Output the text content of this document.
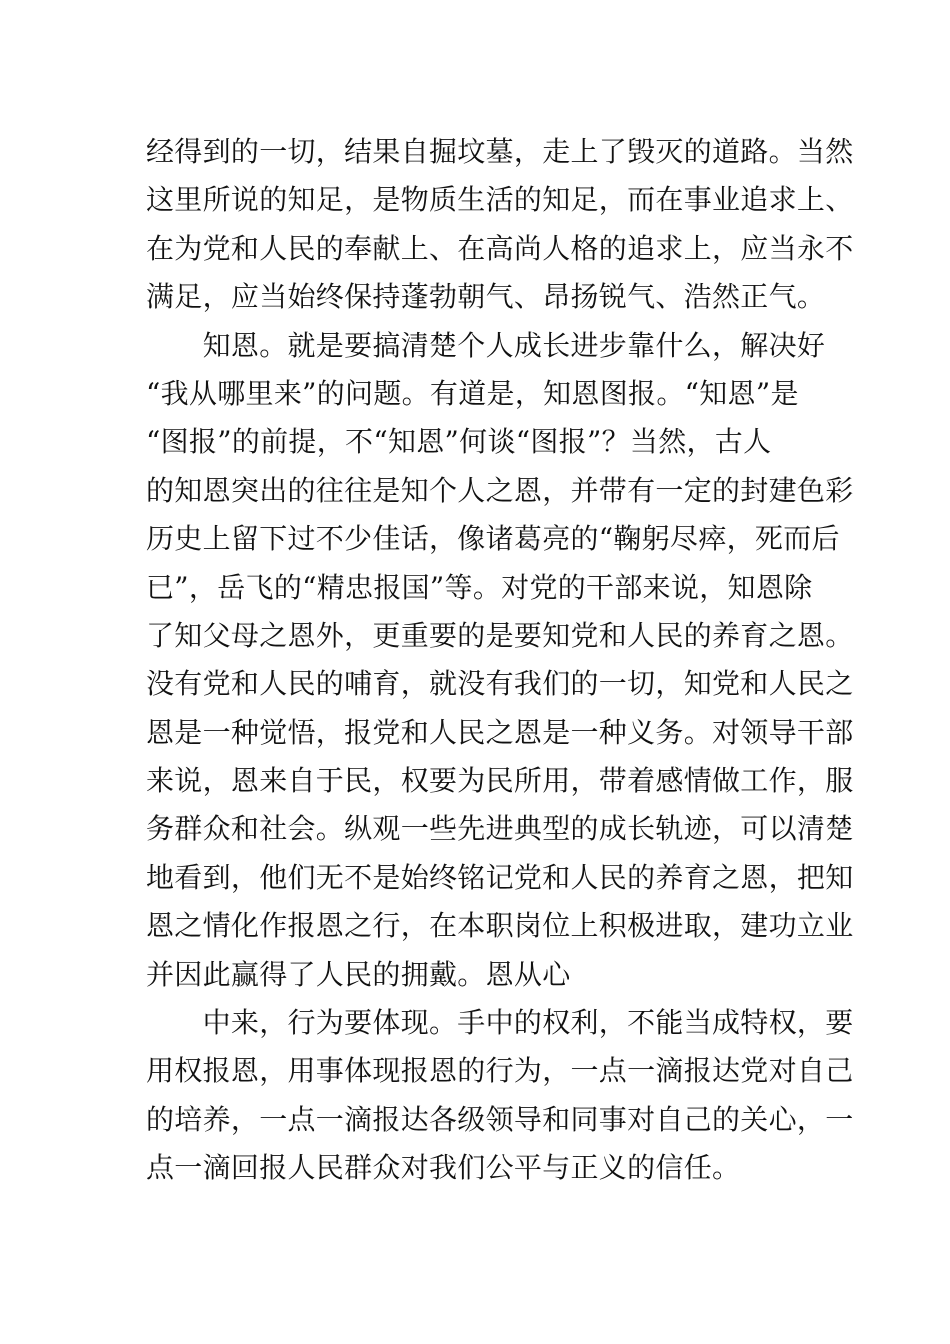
经得到的一切，结果自掘坟墓，走上了毁灭的道路。当然
这里所说的知足，是物质生活的知足，而在事业追求上、
在为党和人民的奉献上、在高尚人格的追求上，应当永不
满足，应当始终保持蓬勃朝气、昂扬锐气、浩然正气。
　　知恩。就是要搞清楚个人成长进步靠什么，解决好
“我从哪里来”的问题。有道是，知恩图报。“知恩”是
“图报”的前提，不“知恩”何谈“图报”？当然，古人
的知恩突出的往往是知个人之恩，并带有一定的封建色彩
历史上留下过不少佳话，像诸葛亮的“鞠躬尽瘁，死而后
已”，岳飞的“精忠报国”等。对党的干部来说，知恩除
了知父母之恩外，更重要的是要知党和人民的养育之恩。
没有党和人民的哺育，就没有我们的一切，知党和人民之
恩是一种觉悟，报党和人民之恩是一种义务。对领导干部
来说，恩来自于民，权要为民所用，带着感情做工作，服
务群众和社会。纵观一些先进典型的成长轨迹，可以清楚
地看到，他们无不是始终铭记党和人民的养育之恩，把知
恩之情化作报恩之行，在本职岗位上积极进取，建功立业
并因此赢得了人民的拥戴。恩从心
　　中来，行为要体现。手中的权利，不能当成特权，要
用权报恩，用事体现报恩的行为，一点一滴报达党对自己
的培养，一点一滴报达各级领导和同事对自己的关心，一
点一滴回报人民群众对我们公平与正义的信任。
